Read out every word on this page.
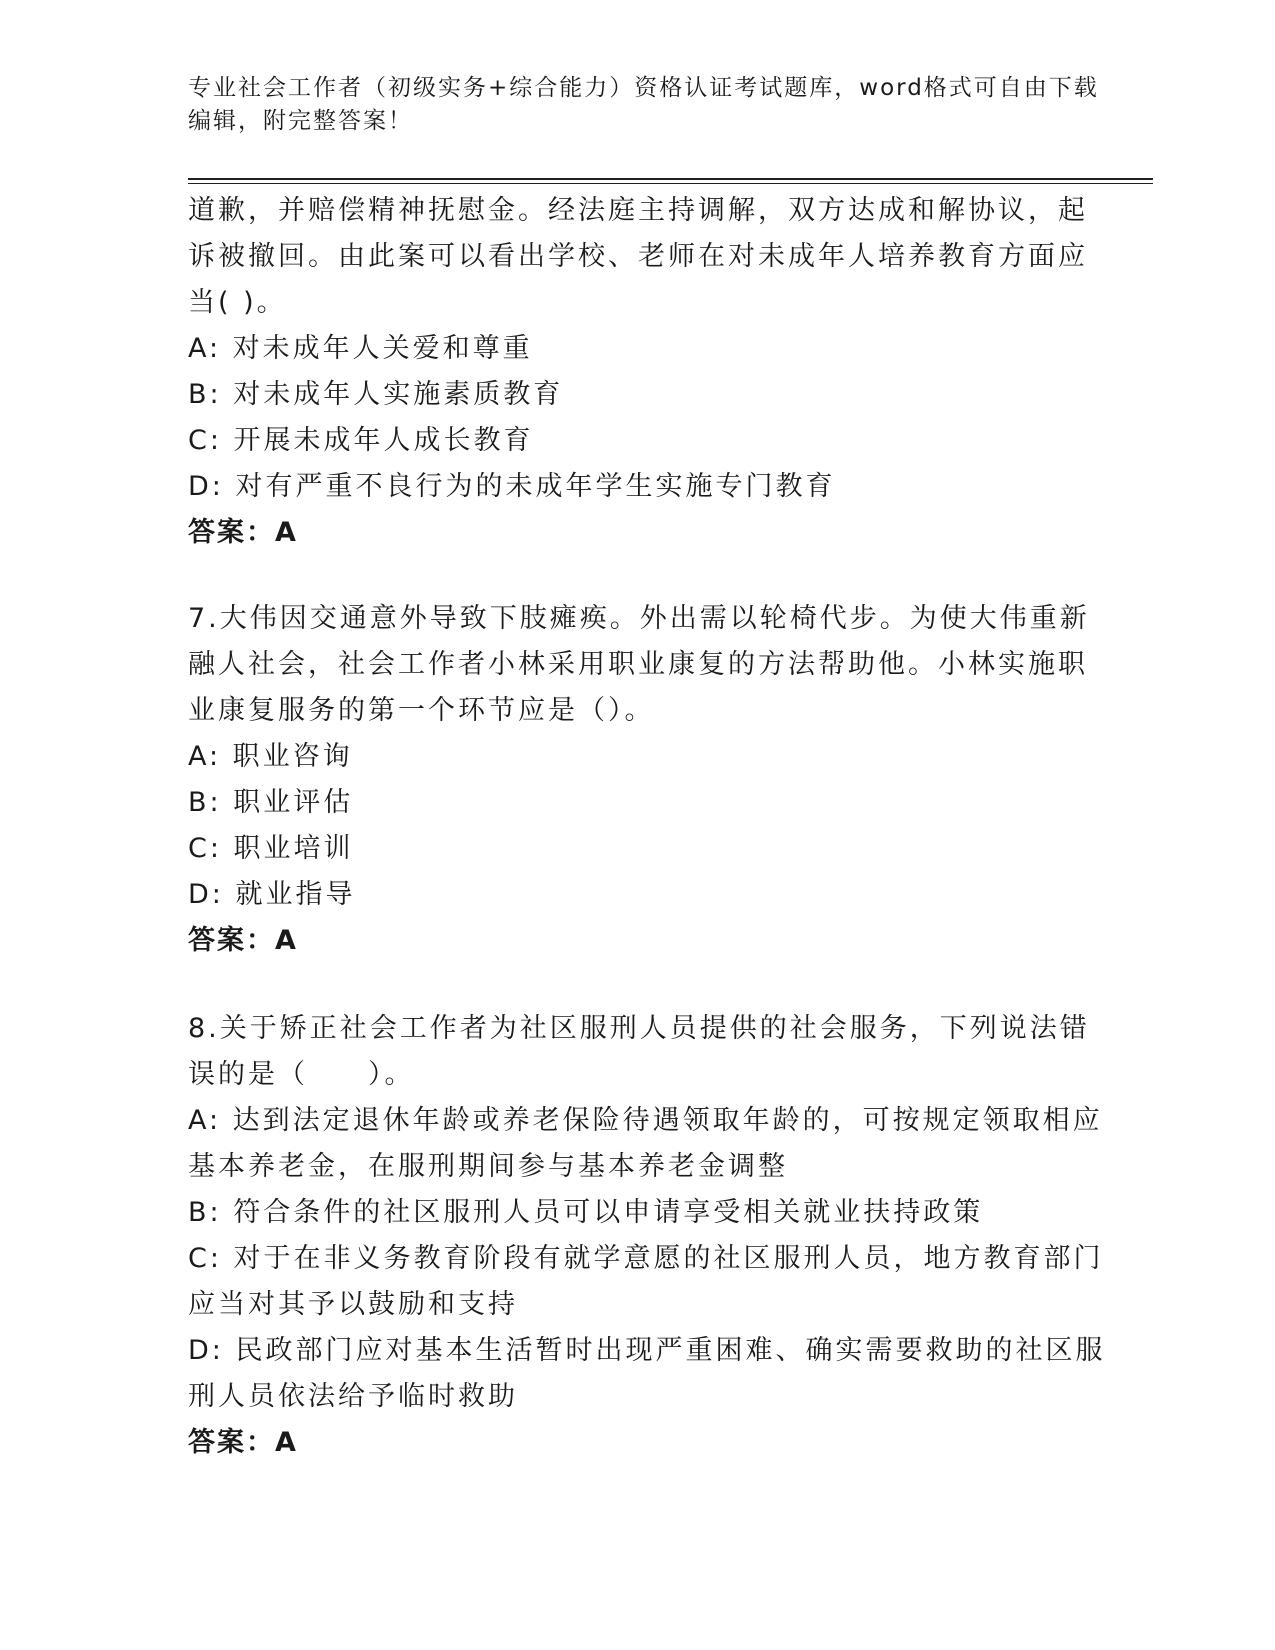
专业社会工作者（初级实务+综合能力）资格认证考试题库，word格式可自由下载
编辑，附完整答案！
道歉，并赔偿精神抚慰金。经法庭主持调解，双方达成和解协议，起
诉被撤回。由此案可以看出学校、老师在对未成年人培养教育方面应
当( )。
A: 对未成年人关爱和尊重
B: 对未成年人实施素质教育
C: 开展未成年人成长教育
D: 对有严重不良行为的未成年学生实施专门教育
答案：A
7.大伟因交通意外导致下肢瘫痪。外出需以轮椅代步。为使大伟重新
融人社会，社会工作者小林采用职业康复的方法帮助他。小林实施职
业康复服务的第一个环节应是（）。
A: 职业咨询
B: 职业评估
C: 职业培训
D: 就业指导
答案：A
8.关于矫正社会工作者为社区服刑人员提供的社会服务，下列说法错
误的是（　　）。
A: 达到法定退休年龄或养老保险待遇领取年龄的，可按规定领取相应
基本养老金，在服刑期间参与基本养老金调整
B: 符合条件的社区服刑人员可以申请享受相关就业扶持政策
C: 对于在非义务教育阶段有就学意愿的社区服刑人员，地方教育部门
应当对其予以鼓励和支持
D: 民政部门应对基本生活暂时出现严重困难、确实需要救助的社区服
刑人员依法给予临时救助
答案：A
